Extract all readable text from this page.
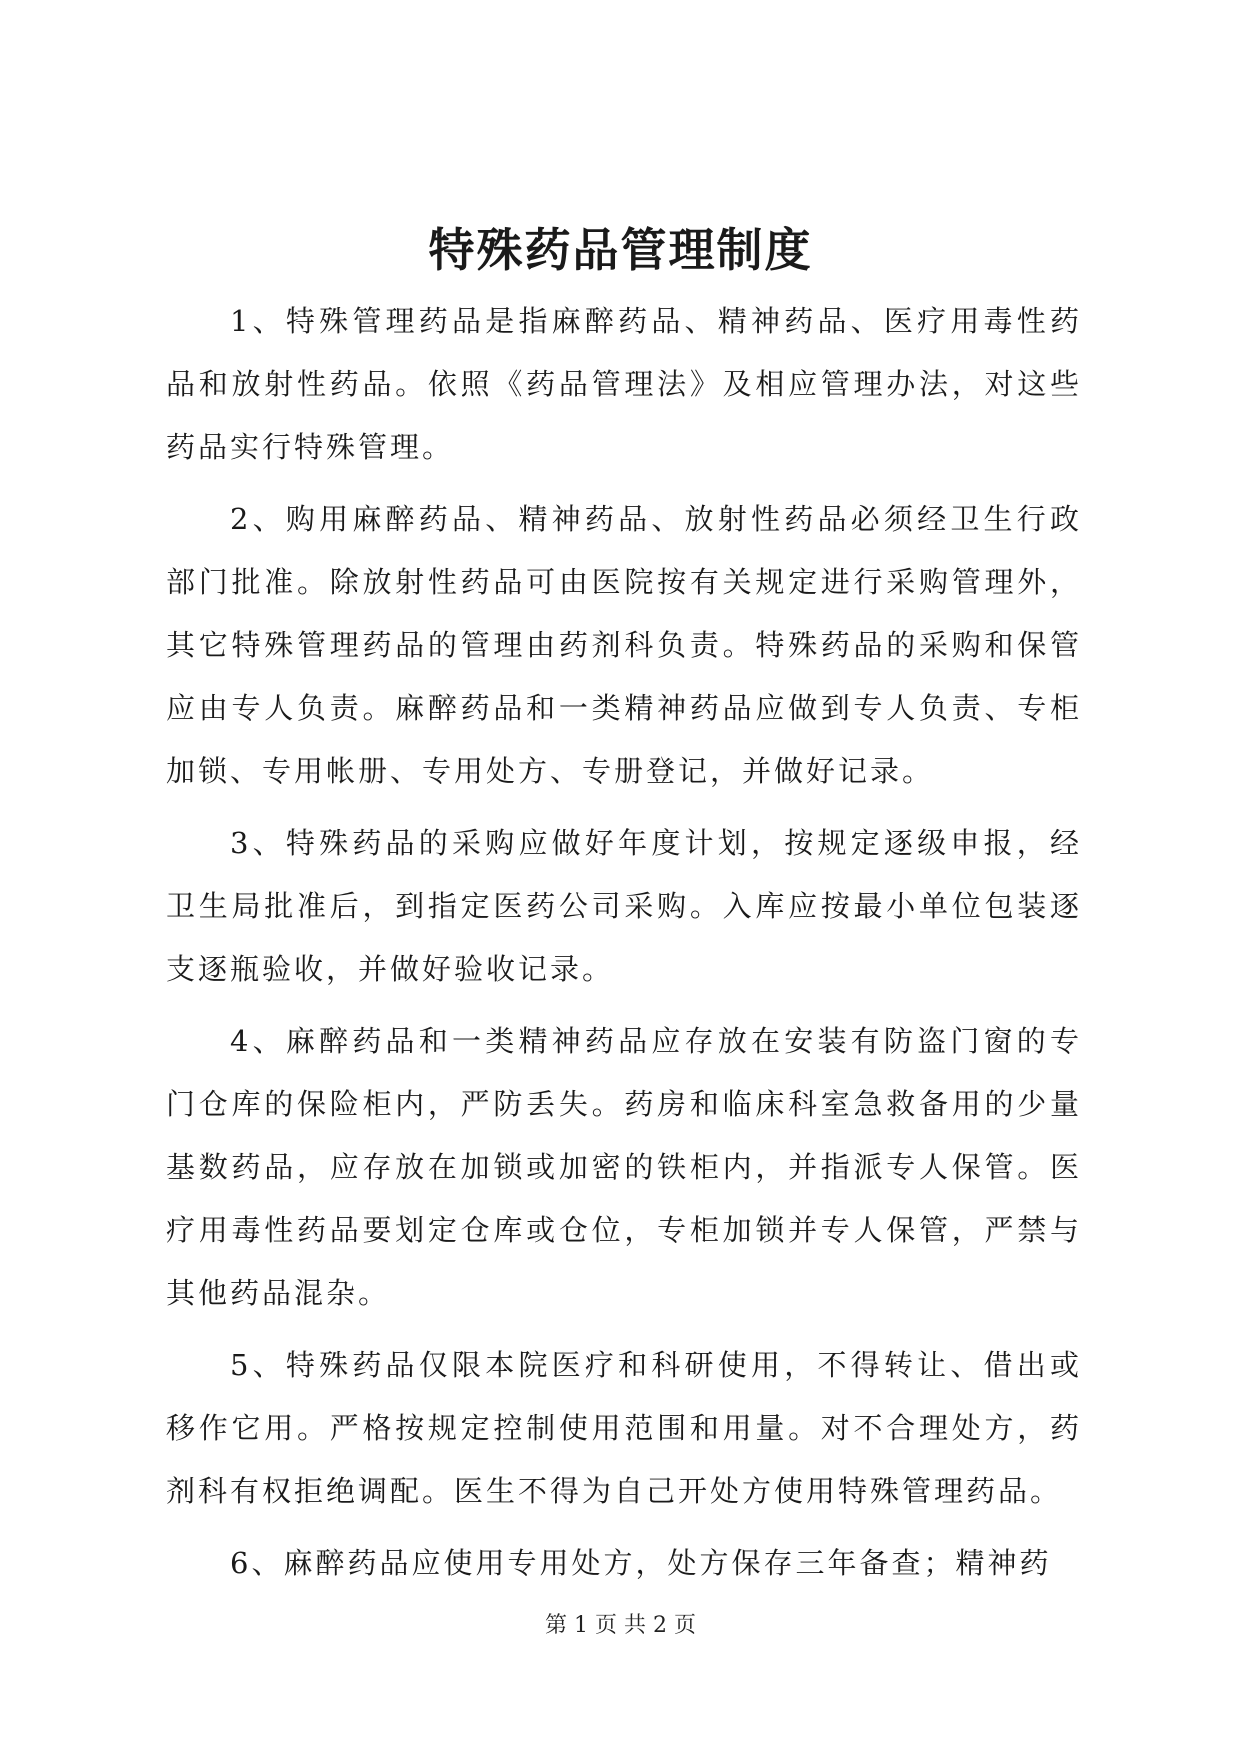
特殊药品管理制度

1、特殊管理药品是指麻醉药品、精神药品、医疗用毒性药品和放射性药品。依照《药品管理法》及相应管理办法，对这些药品实行特殊管理。

2、购用麻醉药品、精神药品、放射性药品必须经卫生行政部门批准。除放射性药品可由医院按有关规定进行采购管理外，其它特殊管理药品的管理由药剂科负责。特殊药品的采购和保管应由专人负责。麻醉药品和一类精神药品应做到专人负责、专柜加锁、专用帐册、专用处方、专册登记，并做好记录。

3、特殊药品的采购应做好年度计划，按规定逐级申报，经卫生局批准后，到指定医药公司采购。入库应按最小单位包装逐支逐瓶验收，并做好验收记录。

4、麻醉药品和一类精神药品应存放在安装有防盗门窗的专门仓库的保险柜内，严防丢失。药房和临床科室急救备用的少量基数药品，应存放在加锁或加密的铁柜内，并指派专人保管。医疗用毒性药品要划定仓库或仓位，专柜加锁并专人保管，严禁与其他药品混杂。

5、特殊药品仅限本院医疗和科研使用，不得转让、借出或移作它用。严格按规定控制使用范围和用量。对不合理处方，药剂科有权拒绝调配。医生不得为自己开处方使用特殊管理药品。

6、麻醉药品应使用专用处方，处方保存三年备查；精神药

第 1 页 共 2 页
